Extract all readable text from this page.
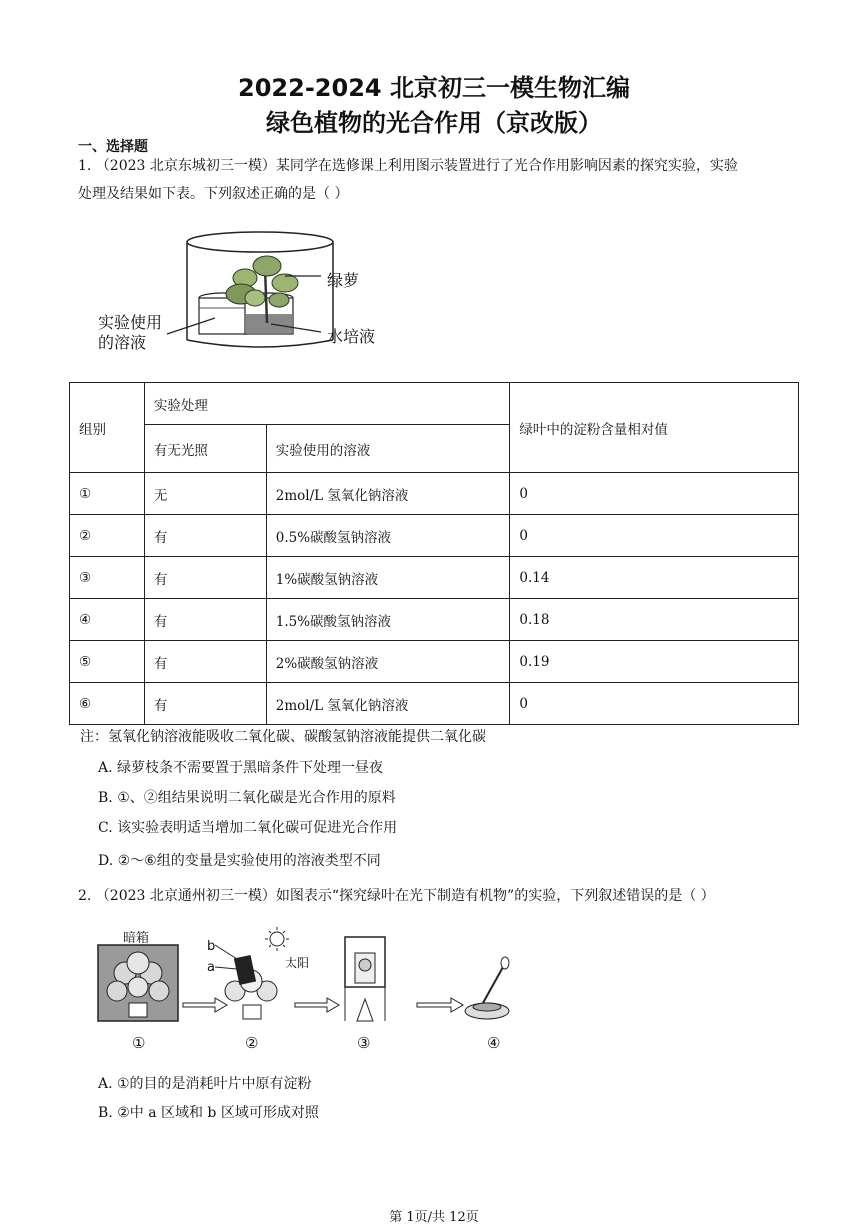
2022-2024 北京初三一模生物汇编
绿色植物的光合作用（京改版）
一、选择题
1. （2023 北京东城初三一模）某同学在选修课上利用图示装置进行了光合作用影响因素的探究实验，实验
处理及结果如下表。下列叙述正确的是（ ）
绿萝
实验使用
的溶液	水培液
组别	实验处理		绿叶中的淀粉含量相对值
	有无光照	实验使用的溶液	
①	无	2mol/L 氢氧化钠溶液	0
②	有	0.5%碳酸氢钠溶液	0
③	有	1%碳酸氢钠溶液	0.14
④	有	1.5%碳酸氢钠溶液	0.18
⑤	有	2%碳酸氢钠溶液	0.19
⑥	有	2mol/L 氢氧化钠溶液	0
注：氢氧化钠溶液能吸收二氧化碳、碳酸氢钠溶液能提供二氧化碳
A. 绿萝枝条不需要置于黑暗条件下处理一昼夜
B. ①、②组结果说明二氧化碳是光合作用的原料
C. 该实验表明适当增加二氧化碳可促进光合作用
D. ②～⑥组的变量是实验使用的溶液类型不同
2. （2023 北京通州初三一模）如图表示“探究绿叶在光下制造有机物”的实验，下列叙述错误的是（ ）
暗箱
b
a	太阳
①	②	③	④
A. ①的目的是消耗叶片中原有淀粉
B. ②中 a 区域和 b 区域可形成对照
第 1页/共 12页
